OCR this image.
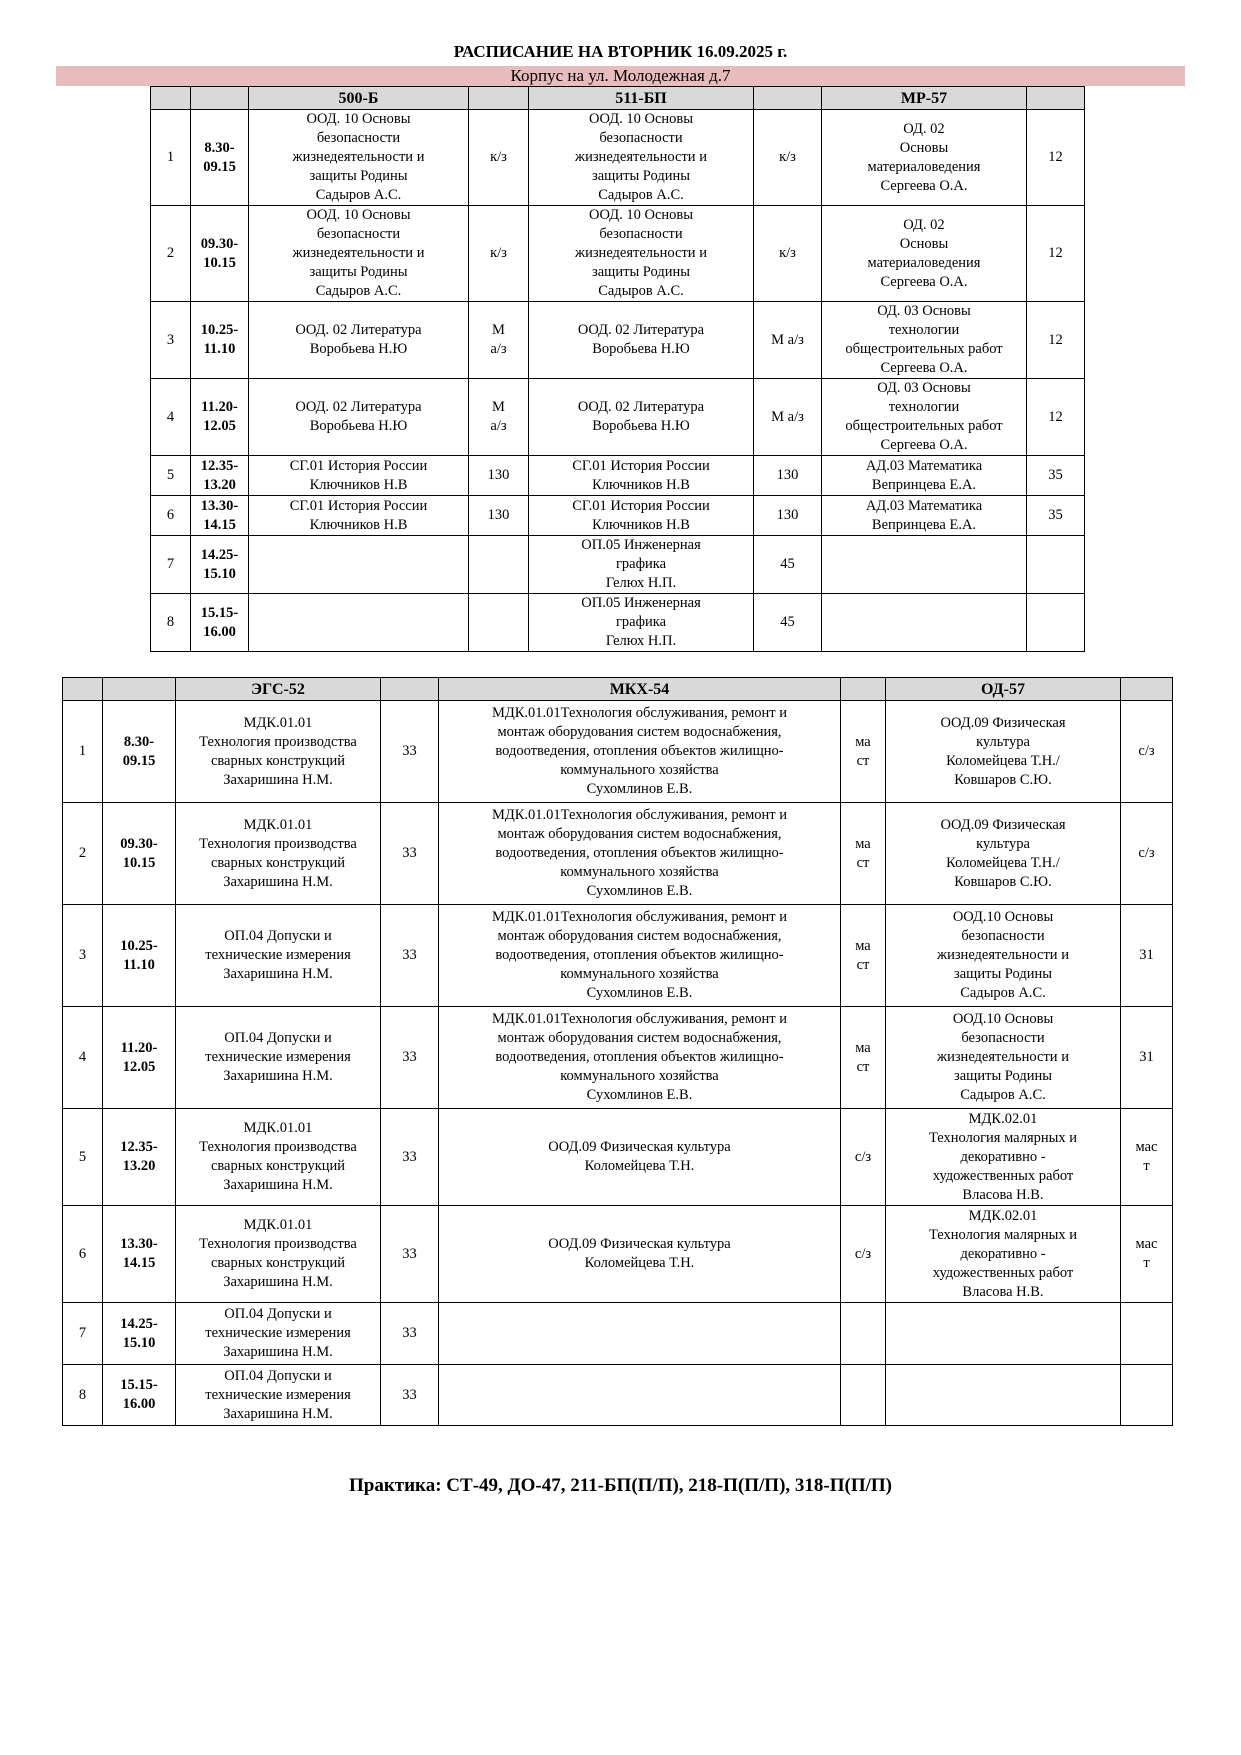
РАСПИСАНИЕ НА ВТОРНИК 16.09.2025 г.
Корпус на ул. Молодежная д.7
		500-Б		511-БП		МР-57	
1	8.30-
09.15	ООД. 10 Основы
безопасности
жизнедеятельности и
защиты Родины
Садыров А.С.	к/з	ООД. 10 Основы
безопасности
жизнедеятельности и
защиты Родины
Садыров А.С.	к/з	ОД. 02
Основы
материаловедения
Сергеева О.А.	12
2	09.30-
10.15	ООД. 10 Основы
безопасности
жизнедеятельности и
защиты Родины
Садыров А.С.	к/з	ООД. 10 Основы
безопасности
жизнедеятельности и
защиты Родины
Садыров А.С.	к/з	ОД. 02
Основы
материаловедения
Сергеева О.А.	12
3	10.25-
11.10	ООД. 02 Литература
Воробьева Н.Ю	М
а/з	ООД. 02 Литература
Воробьева Н.Ю	М а/з	ОД. 03 Основы
технологии
общестроительных работ
Сергеева О.А.	12
4	11.20-
12.05	ООД. 02 Литература
Воробьева Н.Ю	М
а/з	ООД. 02 Литература
Воробьева Н.Ю	М а/з	ОД. 03 Основы
технологии
общестроительных работ
Сергеева О.А.	12
5	12.35-
13.20	СГ.01 История России
Ключников Н.В	130	СГ.01 История России
Ключников Н.В	130	АД.03 Математика
Вепринцева Е.А.	35
6	13.30-
14.15	СГ.01 История России
Ключников Н.В	130	СГ.01 История России
Ключников Н.В	130	АД.03 Математика
Вепринцева Е.А.	35
7	14.25-
15.10			ОП.05 Инженерная
графика
Гелюх Н.П.	45		
8	15.15-
16.00			ОП.05 Инженерная
графика
Гелюх Н.П.	45		
		ЭГС-52		МКХ-54		ОД-57	
1	8.30-
09.15	МДК.01.01
Технология производства
сварных конструкций
Захаришина Н.М.	33	МДК.01.01Технология обслуживания, ремонт и
монтаж оборудования систем водоснабжения,
водоотведения, отопления объектов жилищно-
коммунального хозяйства
Сухомлинов Е.В.	ма
ст	ООД.09 Физическая
культура
Коломейцева Т.Н./
Ковшаров С.Ю.	с/з
2	09.30-
10.15	МДК.01.01
Технология производства
сварных конструкций
Захаришина Н.М.	33	МДК.01.01Технология обслуживания, ремонт и
монтаж оборудования систем водоснабжения,
водоотведения, отопления объектов жилищно-
коммунального хозяйства
Сухомлинов Е.В.	ма
ст	ООД.09 Физическая
культура
Коломейцева Т.Н./
Ковшаров С.Ю.	с/з
3	10.25-
11.10	ОП.04 Допуски и
технические измерения
Захаришина Н.М.	33	МДК.01.01Технология обслуживания, ремонт и
монтаж оборудования систем водоснабжения,
водоотведения, отопления объектов жилищно-
коммунального хозяйства
Сухомлинов Е.В.	ма
ст	ООД.10 Основы
безопасности
жизнедеятельности и
защиты Родины
Садыров А.С.	31
4	11.20-
12.05	ОП.04 Допуски и
технические измерения
Захаришина Н.М.	33	МДК.01.01Технология обслуживания, ремонт и
монтаж оборудования систем водоснабжения,
водоотведения, отопления объектов жилищно-
коммунального хозяйства
Сухомлинов Е.В.	ма
ст	ООД.10 Основы
безопасности
жизнедеятельности и
защиты Родины
Садыров А.С.	31
5	12.35-
13.20	МДК.01.01
Технология производства
сварных конструкций
Захаришина Н.М.	33	ООД.09 Физическая культура
Коломейцева Т.Н.	с/з	МДК.02.01
Технология малярных и
декоративно -
художественных работ
Власова Н.В.	мас
т
6	13.30-
14.15	МДК.01.01
Технология производства
сварных конструкций
Захаришина Н.М.	33	ООД.09 Физическая культура
Коломейцева Т.Н.	с/з	МДК.02.01
Технология малярных и
декоративно -
художественных работ
Власова Н.В.	мас
т
7	14.25-
15.10	ОП.04 Допуски и
технические измерения
Захаришина Н.М.	33				
8	15.15-
16.00	ОП.04 Допуски и
технические измерения
Захаришина Н.М.	33				
Практика: СТ-49, ДО-47, 211-БП(П/П), 218-П(П/П), 318-П(П/П)
